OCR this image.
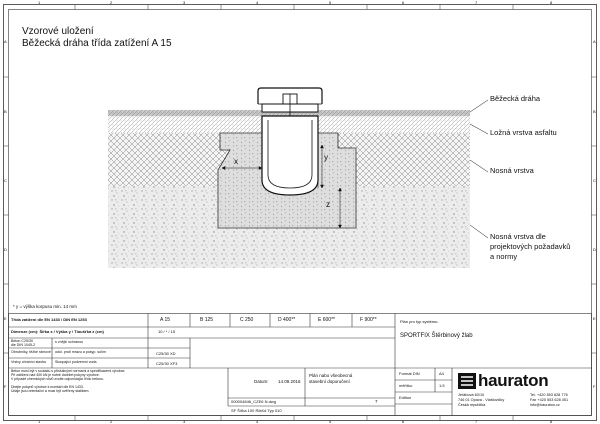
1	2	3	4	5	6	7	8
1	2	3	4	5	6	7	8
A
B
C
D
E
F
A
B
C
D
E
F
Vzorové uložení
Běžecká dráha třída zatížení A 15
x	y
z
Běžecká dráha
Ložná vrstva asfaltu
Nosná vrstva
Nosná vrstva dle
projektových požadavků
a normy
* y = výška korpusu min. 14 mm
Třída zatížení dle EN 1433 / DIN EN 1253	A 15	B 125	C 250	D 400**	E 600**	F 900**
Dimenze (cm): Šířka x / Výška y / Tloušťka z (cm)	10 / * / 15
Beton C25/30
dle DIN 1045-2
s vnější ochranou
Obrubníky, těžké rámové odol. proti mrazu a posyp. solím	C25/30 XD
Vrstvy chránící stavbu Stoupající podzemní voda	C25/30 XF3
Beton musí být v souladu s příslušnými normami a specifikacemi výrobce.
Při zatížení nad 400 kN je nutné dodržet pokyny výrobce.
V případě chemických vlivů zvolte odpovídající třídu betonu.
Dbejte pokynů výrobce k montáži dle EN 1433.
Údaje jsou orientační a musí být ověřeny statikem.
Datum: 14.09.2016
Plán nabo všeobecná
stavební doporučení
000004846_CZE6 N.dwg	7
SF Šířka 100 RIkKd Typ 010
Plán pro typ systému:
SPORTFIX Štěrbinový žlab
Formát DIN	A4
měřítko	1:5
Edition
hauraton
Jeřábová 60/10
746 01 Opava - Vlaštovičky
Česká republika
Tel. +420 553 628 776
Fax +420 553 628 451
info@hauraton.cz
